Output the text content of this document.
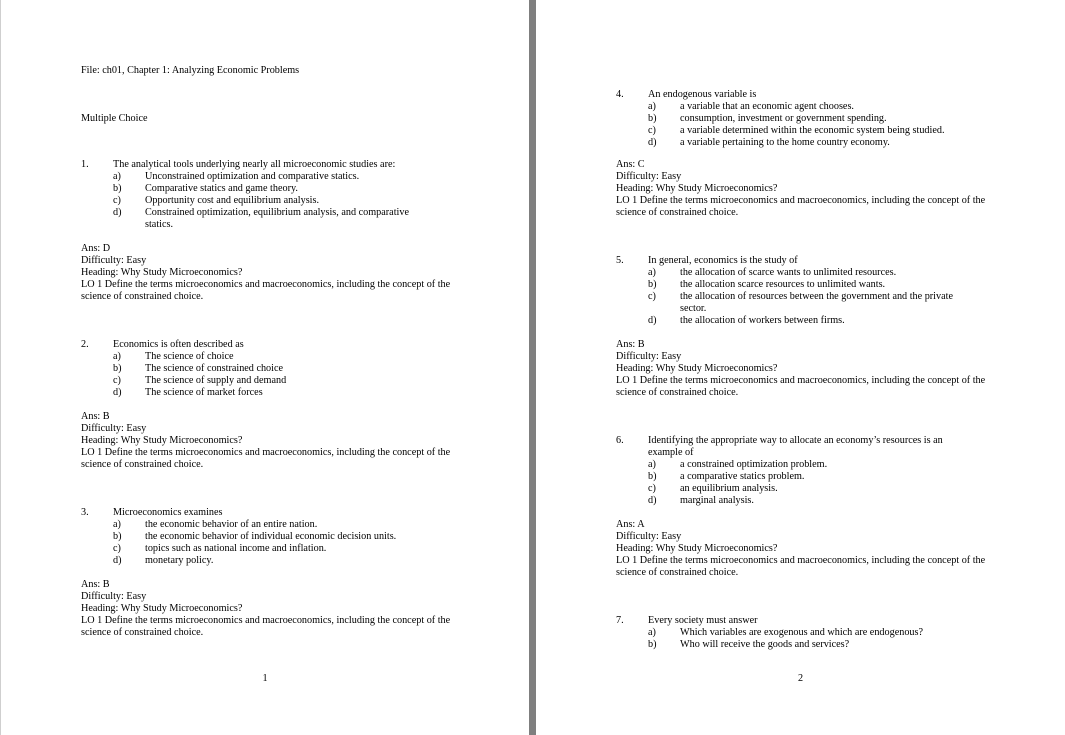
File: ch01, Chapter 1: Analyzing Economic Problems
Multiple Choice
1.	The analytical tools underlying nearly all microeconomic studies are:
a)	Unconstrained optimization and comparative statics.
b)	Comparative statics and game theory.
c)	Opportunity cost and equilibrium analysis.
d)	Constrained optimization, equilibrium analysis, and comparative statics.
Ans: D
Difficulty: Easy
Heading: Why Study Microeconomics?
LO 1 Define the terms microeconomics and macroeconomics, including the concept of the science of constrained choice.
2.	Economics is often described as
a)	The science of choice
b)	The science of constrained choice
c)	The science of supply and demand
d)	The science of market forces
Ans: B
Difficulty: Easy
Heading: Why Study Microeconomics?
LO 1 Define the terms microeconomics and macroeconomics, including the concept of the science of constrained choice.
3.	Microeconomics examines
a)	the economic behavior of an entire nation.
b)	the economic behavior of individual economic decision units.
c)	topics such as national income and inflation.
d)	monetary policy.
Ans: B
Difficulty: Easy
Heading: Why Study Microeconomics?
LO 1 Define the terms microeconomics and macroeconomics, including the concept of the science of constrained choice.
1
4.	An endogenous variable is
a)	a variable that an economic agent chooses.
b)	consumption, investment or government spending.
c)	a variable determined within the economic system being studied.
d)	a variable pertaining to the home country economy.
Ans: C
Difficulty: Easy
Heading: Why Study Microeconomics?
LO 1 Define the terms microeconomics and macroeconomics, including the concept of the science of constrained choice.
5.	In general, economics is the study of
a)	the allocation of scarce wants to unlimited resources.
b)	the allocation scarce resources to unlimited wants.
c)	the allocation of resources between the government and the private sector.
d)	the allocation of workers between firms.
Ans: B
Difficulty: Easy
Heading: Why Study Microeconomics?
LO 1 Define the terms microeconomics and macroeconomics, including the concept of the science of constrained choice.
6.	Identifying the appropriate way to allocate an economy’s resources is an example of
a)	a constrained optimization problem.
b)	a comparative statics problem.
c)	an equilibrium analysis.
d)	marginal analysis.
Ans: A
Difficulty: Easy
Heading: Why Study Microeconomics?
LO 1 Define the terms microeconomics and macroeconomics, including the concept of the science of constrained choice.
7.	Every society must answer
a)	Which variables are exogenous and which are endogenous?
b)	Who will receive the goods and services?
2
